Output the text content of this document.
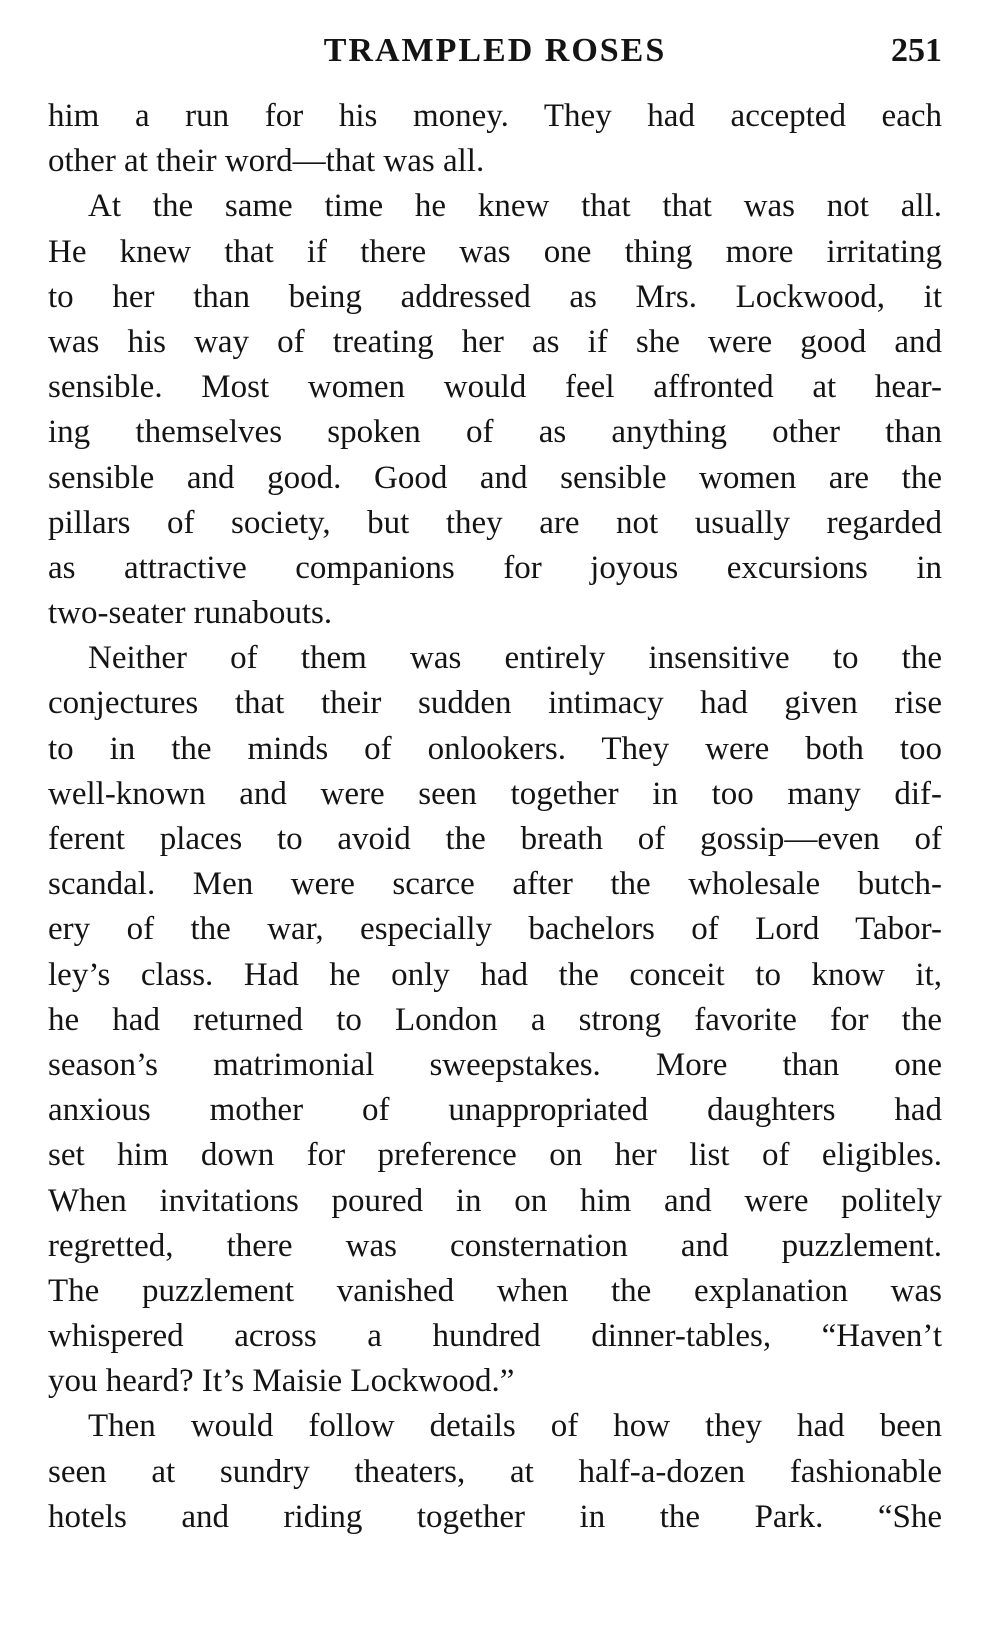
TRAMPLED ROSES	251
him a run for his money. They had accepted each
other at their word—that was all.
At the same time he knew that that was not all.
He knew that if there was one thing more irritating
to her than being addressed as Mrs. Lockwood, it
was his way of treating her as if she were good and
sensible. Most women would feel affronted at hear-
ing themselves spoken of as anything other than
sensible and good. Good and sensible women are the
pillars of society, but they are not usually regarded
as attractive companions for joyous excursions in
two-seater runabouts.
Neither of them was entirely insensitive to the
conjectures that their sudden intimacy had given rise
to in the minds of onlookers. They were both too
well-known and were seen together in too many dif-
ferent places to avoid the breath of gossip—even of
scandal. Men were scarce after the wholesale butch-
ery of the war, especially bachelors of Lord Tabor-
ley’s class. Had he only had the conceit to know it,
he had returned to London a strong favorite for the
season’s matrimonial sweepstakes. More than one
anxious mother of unappropriated daughters had
set him down for preference on her list of eligibles.
When invitations poured in on him and were politely
regretted, there was consternation and puzzlement.
The puzzlement vanished when the explanation was
whispered across a hundred dinner-tables, “Haven’t
you heard? It’s Maisie Lockwood.”
Then would follow details of how they had been
seen at sundry theaters, at half-a-dozen fashionable
hotels and riding together in the Park. “She
